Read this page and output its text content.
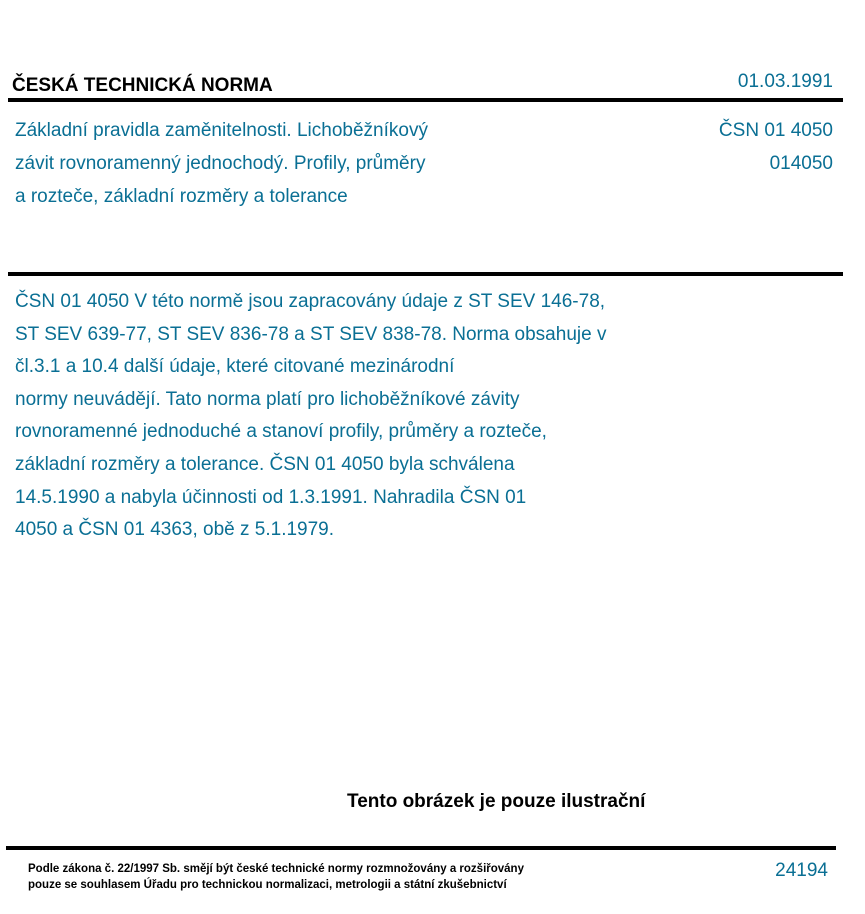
ČESKÁ TECHNICKÁ NORMA	01.03.1991
Základní pravidla zaměnitelnosti. Lichoběžníkový
závit rovnoramenný jednochodý. Profily, průměry
a rozteče, základní rozměry a tolerance
ČSN 01 4050
014050
ČSN 01 4050 V této normě jsou zapracovány údaje z ST SEV 146-78,
ST SEV 639-77, ST SEV 836-78 a ST SEV 838-78. Norma obsahuje v
čl.3.1 a 10.4 další údaje, které citované mezinárodní
normy neuvádějí. Tato norma platí pro lichoběžníkové závity
rovnoramenné jednoduché a stanoví profily, průměry a rozteče,
základní rozměry a tolerance. ČSN 01 4050 byla schválena
14.5.1990 a nabyla účinnosti od 1.3.1991. Nahradila ČSN 01
4050 a ČSN 01 4363, obě z 5.1.1979.
Tento obrázek je pouze ilustrační
Podle zákona č. 22/1997 Sb. smějí být české technické normy rozmnožovány a rozšiřovány
pouze se souhlasem Úřadu pro technickou normalizaci, metrologii a státní zkušebnictví
24194
